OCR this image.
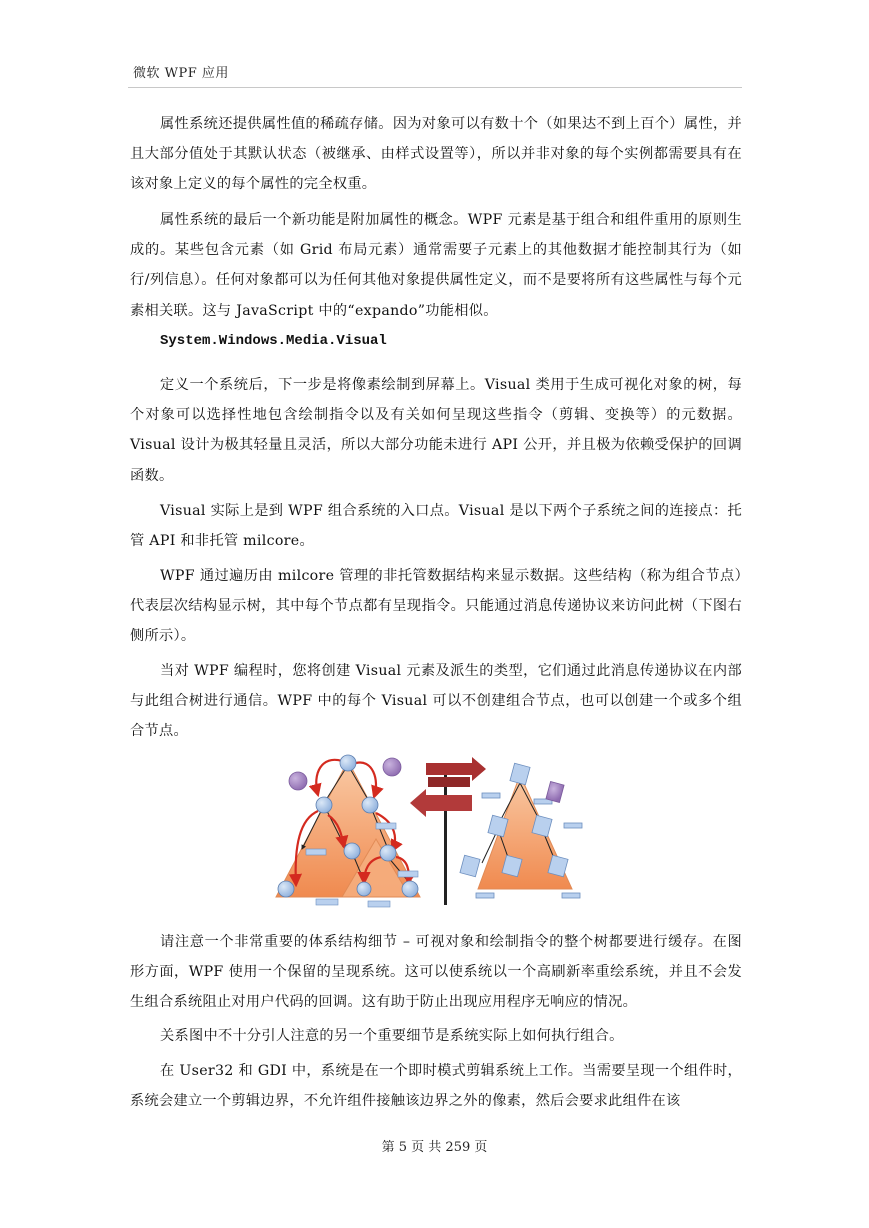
微软 WPF 应用

属性系统还提供属性值的稀疏存储。因为对象可以有数十个（如果达不到上百个）属性，并且大部分值处于其默认状态（被继承、由样式设置等），所以并非对象的每个实例都需要具有在该对象上定义的每个属性的完全权重。

属性系统的最后一个新功能是附加属性的概念。WPF 元素是基于组合和组件重用的原则生成的。某些包含元素（如 Grid 布局元素）通常需要子元素上的其他数据才能控制其行为（如行/列信息）。任何对象都可以为任何其他对象提供属性定义，而不是要将所有这些属性与每个元素相关联。这与 JavaScript 中的“expando”功能相似。

System.Windows.Media.Visual

定义一个系统后，下一步是将像素绘制到屏幕上。Visual 类用于生成可视化对象的树，每个对象可以选择性地包含绘制指令以及有关如何呈现这些指令（剪辑、变换等）的元数据。Visual 设计为极其轻量且灵活，所以大部分功能未进行 API 公开，并且极为依赖受保护的回调函数。

Visual 实际上是到 WPF 组合系统的入口点。Visual 是以下两个子系统之间的连接点：托管 API 和非托管 milcore。

WPF 通过遍历由 milcore 管理的非托管数据结构来显示数据。这些结构（称为组合节点）代表层次结构显示树，其中每个节点都有呈现指令。只能通过消息传递协议来访问此树（下图右侧所示）。

当对 WPF 编程时，您将创建 Visual 元素及派生的类型，它们通过此消息传递协议在内部与此组合树进行通信。WPF 中的每个 Visual 可以不创建组合节点，也可以创建一个或多个组合节点。

请注意一个非常重要的体系结构细节 – 可视对象和绘制指令的整个树都要进行缓存。在图形方面，WPF 使用一个保留的呈现系统。这可以使系统以一个高刷新率重绘系统，并且不会发生组合系统阻止对用户代码的回调。这有助于防止出现应用程序无响应的情况。

关系图中不十分引人注意的另一个重要细节是系统实际上如何执行组合。

在 User32 和 GDI 中，系统是在一个即时模式剪辑系统上工作。当需要呈现一个组件时，系统会建立一个剪辑边界，不允许组件接触该边界之外的像素，然后会要求此组件在该

第 5 页 共 259 页
